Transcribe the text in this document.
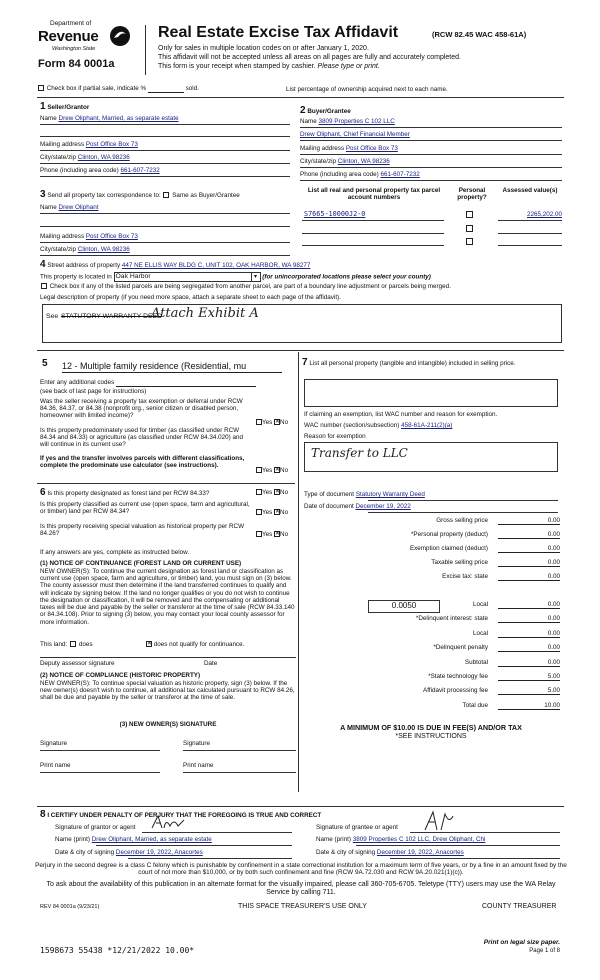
Department of
Revenue
Washington State
Form 84 0001a
Real Estate Excise Tax Affidavit	(RCW 82.45 WAC 458-61A)
Only for sales in multiple location codes on or after January 1, 2020.
This affidavit will not be accepted unless all areas on all pages are fully and accurately completed.
This form is your receipt when stamped by cashier. Please type or print.
Check box if partial sale, indicate %	sold.	List percentage of ownership acquired next to each name.
1 Seller/Grantor
Name Drew Oliphant, Married, as separate estate
Mailing address Post Office Box 73
City/state/zip Clinton, WA 98236
Phone (including area code) 661-607-7232
2 Buyer/Grantee
Name 3809 Properties C 102 LLC
Drew Oliphant, Chief Financial Member
Mailing address Post Office Box 73
City/state/zip Clinton, WA 98236
Phone (including area code) 661-607-7232
3 Send all property tax correspondence to: Same as Buyer/Grantee
Name Drew Oliphant
Mailing address Post Office Box 73
City/state/zip Clinton, WA 98236
List all real and personal property tax parcel account numbers
Personal property?
Assessed value(s)
S7665-10000J2-0	2265,202.00
4 Street address of property 447 NE ELLIS WAY BLDG C, UNIT 102, OAK HARBOR, WA 98277
This property is located in Oak Harbor	▾ (for unincorporated locations please select your county)
Check box if any of the listed parcels are being segregated from another parcel, are part of a boundary line adjustment or parcels being merged.
Legal description of property (if you need more space, attach a separate sheet to each page of the affidavit).
See STATUTORY WARRANTY DEED
Attach Exhibit A
5 12 - Multiple family residence (Residential, mu
Enter any additional codes
(see back of last page for instructions)
Was the seller receiving a property tax exemption or deferral under RCW 84.36, 84.37, or 84.38 (nonprofit org., senior citizen or disabled person, homeowner with limited income)?
Yes ✕No
Is this property predominately used for timber (as classified under RCW 84.34 and 84.33) or agriculture (as classified under RCW 84.34.020) and will continue in its current use?
If yes and the transfer involves parcels with different classifications, complete the predominate use calculator (see instructions).
Yes ✕No
6 Is this property designated as forest land per RCW 84.33?	Yes ✕No
Is this property classified as current use (open space, farm and agricultural, or timber) land per RCW 84.34?	Yes ✕No
Is this property receiving special valuation as historical property per RCW 84.26?	Yes ✕No
If any answers are yes, complete as instructed below.
(1) NOTICE OF CONTINUANCE (FOREST LAND OR CURRENT USE)
NEW OWNER(S): To continue the current designation as forest land or classification as current use (open space, farm and agriculture, or timber) land, you must sign on (3) below. The county assessor must then determine if the land transferred continues to qualify and will indicate by signing below. If the land no longer qualifies or you do not wish to continue the designation or classification, it will be removed and the compensating or additional taxes will be due and payable by the seller or transferor at the time of sale (RCW 84.33.140 or 84.34.108). Prior to signing (3) below, you may contact your local county assessor for more information.
This land: does	✕ does not qualify for continuance.
Deputy assessor signature	Date
(2) NOTICE OF COMPLIANCE (HISTORIC PROPERTY)
NEW OWNER(S): To continue special valuation as historic property, sign (3) below. If the new owner(s) doesn't wish to continue, all additional tax calculated pursuant to RCW 84.26, shall be due and payable by the seller or transferor at the time of sale.
(3) NEW OWNER(S) SIGNATURE
Signature	Signature
Print name	Print name
7 List all personal property (tangible and intangible) included in selling price.
If claiming an exemption, list WAC number and reason for exemption.
WAC number (section/subsection) 458-61A-211(2)(a)
Reason for exemption
Transfer to LLC
Type of document Statutory Warranty Deed
Date of document December 19, 2022
Gross selling price	0.00
*Personal property (deduct)	0.00
Exemption claimed (deduct)	0.00
Taxable selling price	0.00
Excise tax: state	0.00
0.0050	Local	0.00
*Delinquent interest: state	0.00
Local	0.00
*Delinquent penalty	0.00
Subtotal	0.00
*State technology fee	5.00
Affidavit processing fee	5.00
Total due	10.00
A MINIMUM OF $10.00 IS DUE IN FEE(S) AND/OR TAX
*SEE INSTRUCTIONS
8 I CERTIFY UNDER PENALTY OF PERJURY THAT THE FOREGOING IS TRUE AND CORRECT
Signature of grantor or agent
Name (print) Drew Oliphant, Married, as separate estate
Date & city of signing December 19, 2022, Anacortes
Signature of grantee or agent
Name (print) 3809 Properties C 102 LLC, Drew Oliphant, Chi
Date & city of signing December 19, 2022, Anacortes
Perjury in the second degree is a class C felony which is punishable by confinement in a state correctional institution for a maximum term of five years, or by a fine in an amount fixed by the court of not more than $10,000, or by both such confinement and fine (RCW 9A.72.030 and RCW 9A.20.021(1)(c)).
To ask about the availability of this publication in an alternate format for the visually impaired, please call 360-705-6705. Teletype (TTY) users may use the WA Relay Service by calling 711.
REV 84 0001a (9/23/21)	THIS SPACE TREASURER'S USE ONLY	COUNTY TREASURER
1598673 55438 *12/21/2022 10.00*
Print on legal size paper.
Page 1 of 8
